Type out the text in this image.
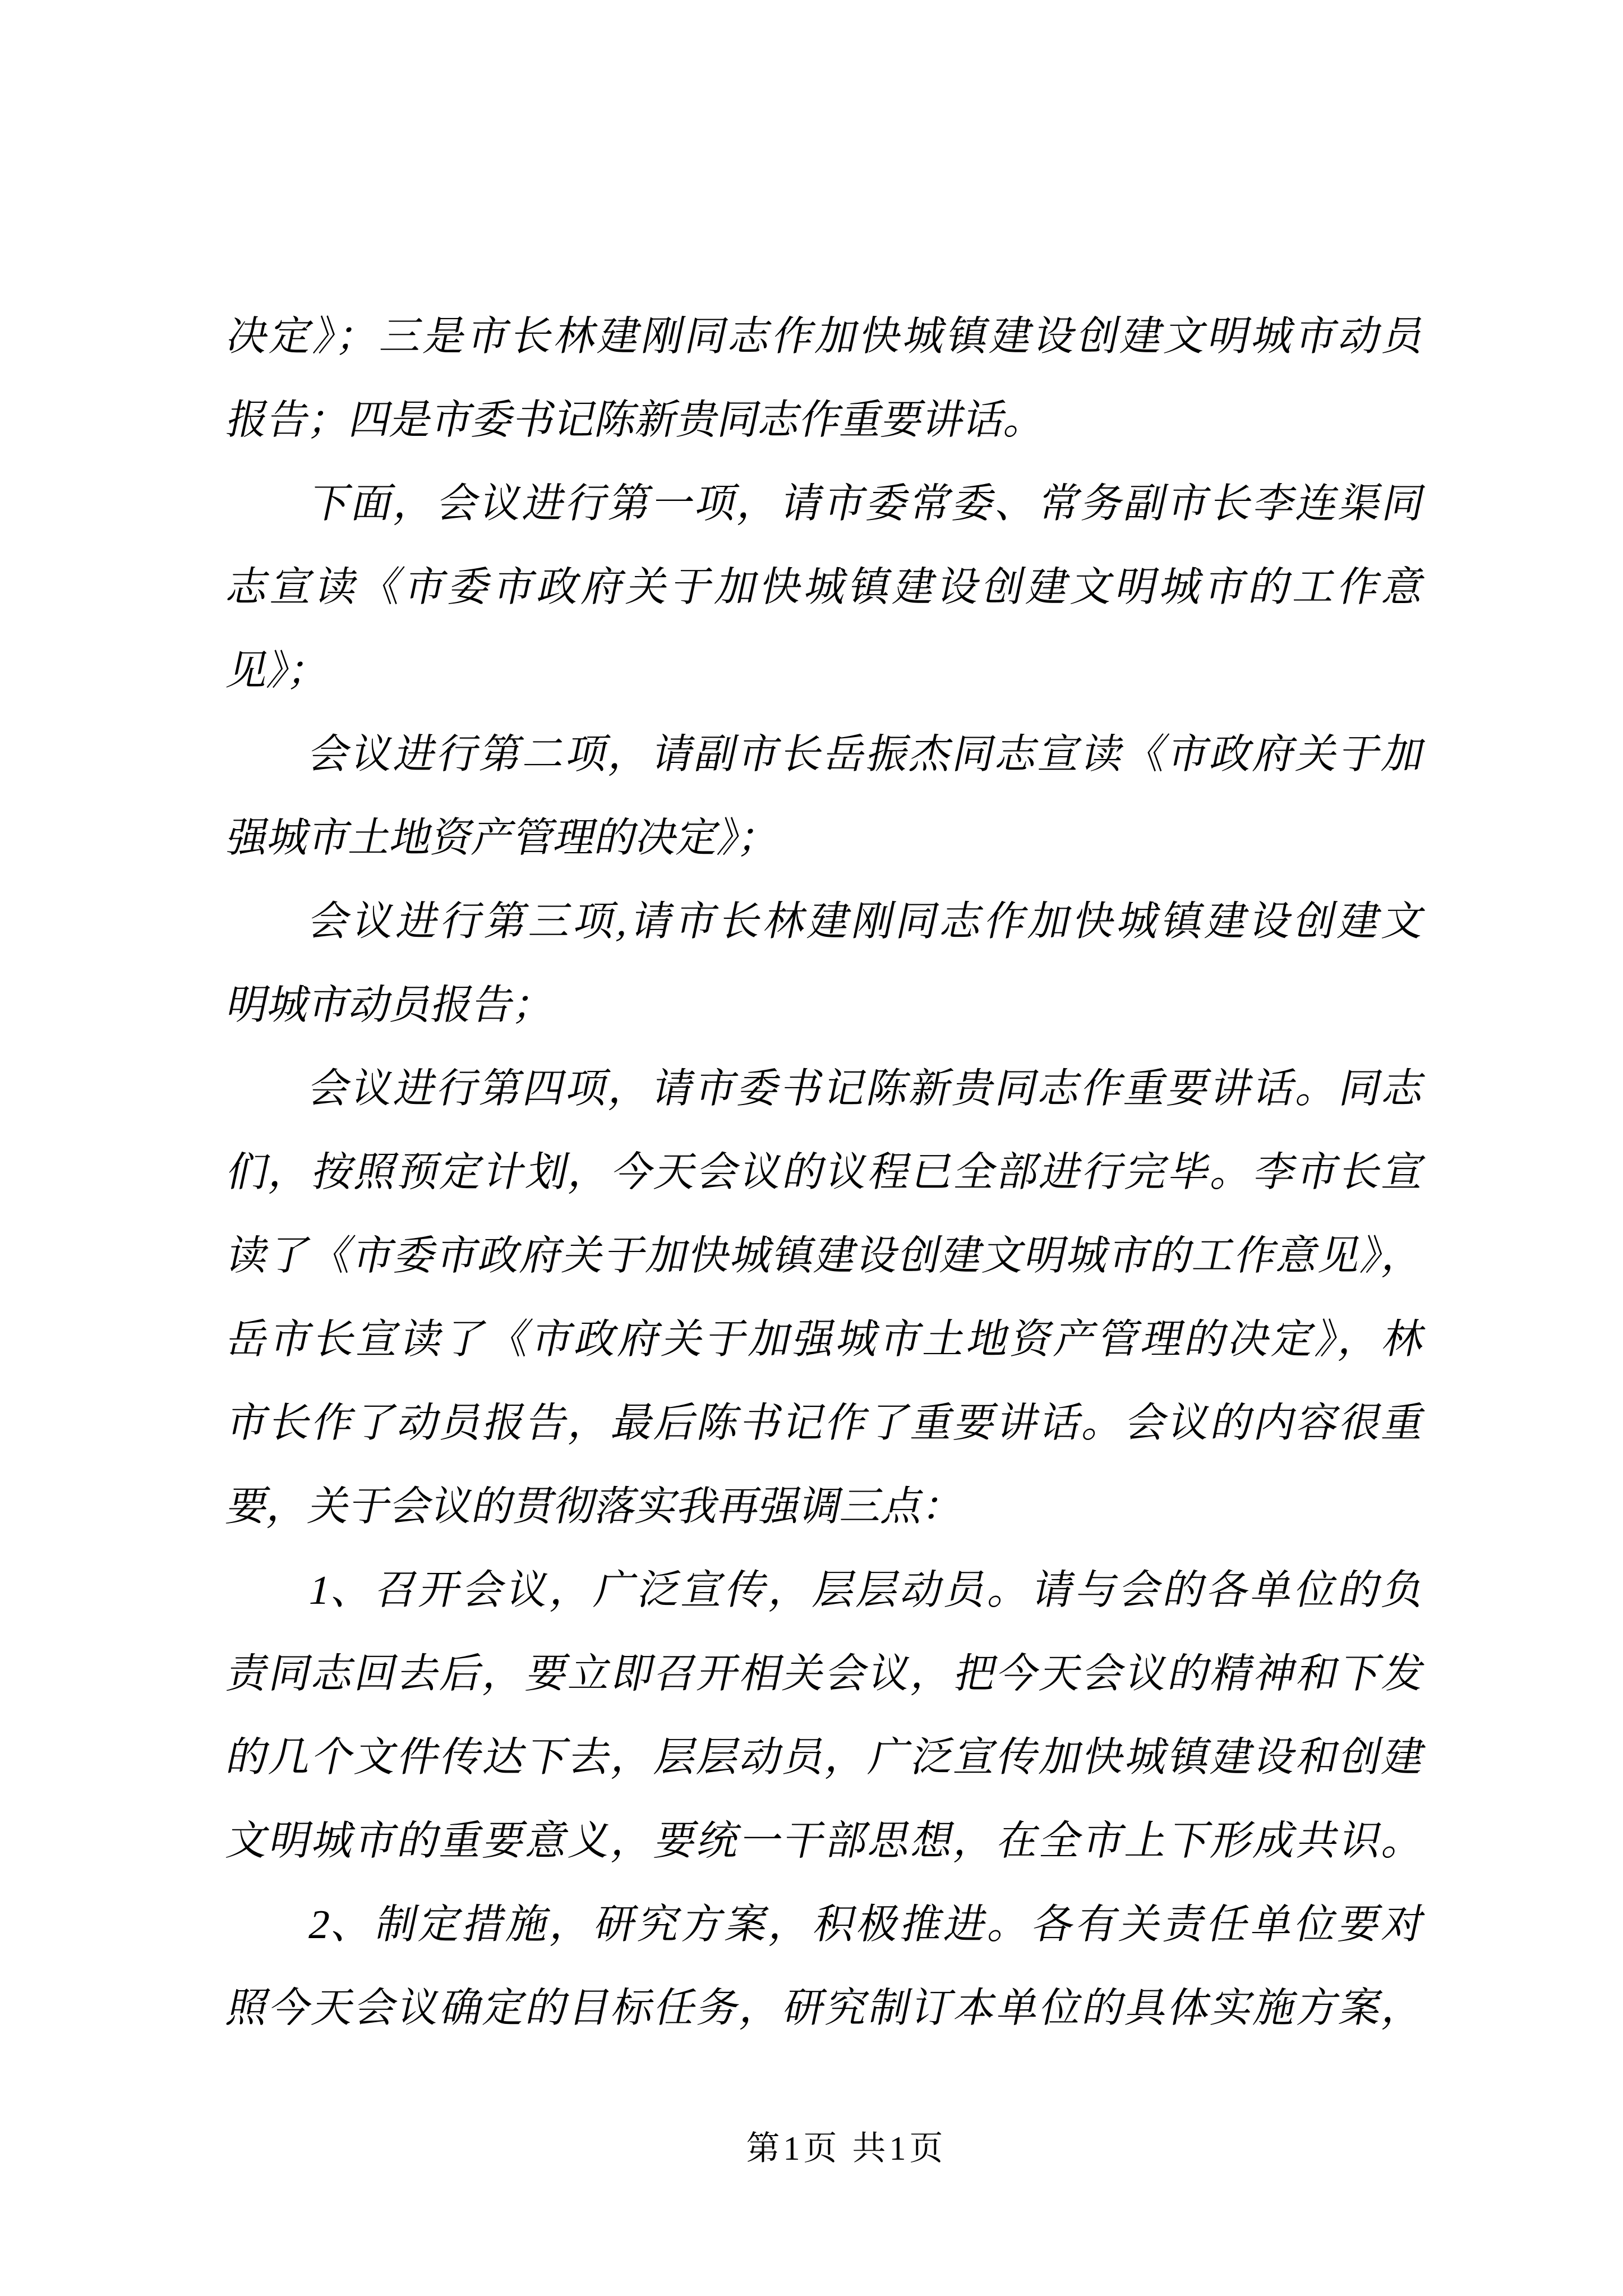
决定》；三是市长林建刚同志作加快城镇建设创建文明城市动员
报告；四是市委书记陈新贵同志作重要讲话。
下面，会议进行第一项，请市委常委、常务副市长李连渠同
志宣读《市委市政府关于加快城镇建设创建文明城市的工作意
见》；
会议进行第二项，请副市长岳振杰同志宣读《市政府关于加
强城市土地资产管理的决定》；
会议进行第三项,请市长林建刚同志作加快城镇建设创建文
明城市动员报告；
会议进行第四项，请市委书记陈新贵同志作重要讲话。同志
们，按照预定计划，今天会议的议程已全部进行完毕。李市长宣
读了《市委市政府关于加快城镇建设创建文明城市的工作意见》，
岳市长宣读了《市政府关于加强城市土地资产管理的决定》，林
市长作了动员报告，最后陈书记作了重要讲话。会议的内容很重
要，关于会议的贯彻落实我再强调三点：
1、召开会议，广泛宣传，层层动员。请与会的各单位的负
责同志回去后，要立即召开相关会议，把今天会议的精神和下发
的几个文件传达下去，层层动员，广泛宣传加快城镇建设和创建
文明城市的重要意义，要统一干部思想，在全市上下形成共识。
2、制定措施，研究方案，积极推进。各有关责任单位要对
照今天会议确定的目标任务，研究制订本单位的具体实施方案，
第1页 共1页
